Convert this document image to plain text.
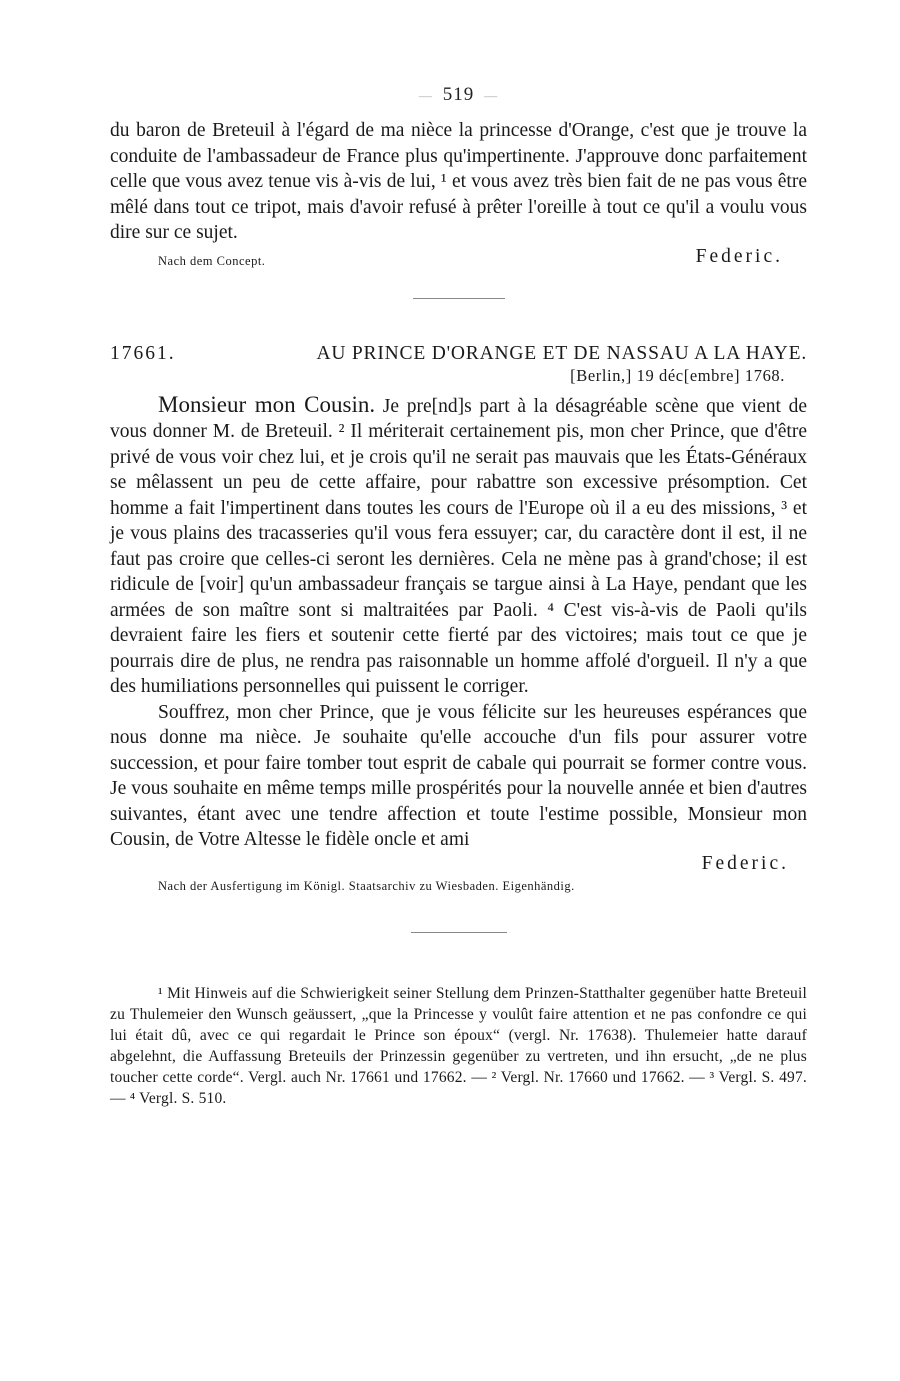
— 519 —

du baron de Breteuil à l'égard de ma nièce la princesse d'Orange, c'est que je trouve la conduite de l'ambassadeur de France plus qu'impertinente. J'approuve donc parfaitement celle que vous avez tenue vis à-vis de lui, ¹ et vous avez très bien fait de ne pas vous être mêlé dans tout ce tripot, mais d'avoir refusé à prêter l'oreille à tout ce qu'il a voulu vous dire sur ce sujet.

Nach dem Concept.	Federic.
17661.	AU PRINCE D'ORANGE ET DE NASSAU A LA HAYE.
[Berlin,] 19 déc[embre] 1768.

Monsieur mon Cousin. Je pre[nd]s part à la désagréable scène que vient de vous donner M. de Breteuil. ² Il mériterait certainement pis, mon cher Prince, que d'être privé de vous voir chez lui, et je crois qu'il ne serait pas mauvais que les États-Généraux se mêlassent un peu de cette affaire, pour rabattre son excessive présomption. Cet homme a fait l'impertinent dans toutes les cours de l'Europe où il a eu des missions, ³ et je vous plains des tracasseries qu'il vous fera essuyer; car, du caractère dont il est, il ne faut pas croire que celles-ci seront les dernières. Cela ne mène pas à grand'chose; il est ridicule de [voir] qu'un ambassadeur français se targue ainsi à La Haye, pendant que les armées de son maître sont si maltraitées par Paoli. ⁴ C'est vis-à-vis de Paoli qu'ils devraient faire les fiers et soutenir cette fierté par des victoires; mais tout ce que je pourrais dire de plus, ne rendra pas raisonnable un homme affolé d'orgueil. Il n'y a que des humiliations personnelles qui puissent le corriger.

Souffrez, mon cher Prince, que je vous félicite sur les heureuses espérances que nous donne ma nièce. Je souhaite qu'elle accouche d'un fils pour assurer votre succession, et pour faire tomber tout esprit de cabale qui pourrait se former contre vous. Je vous souhaite en même temps mille prospérités pour la nouvelle année et bien d'autres suivantes, étant avec une tendre affection et toute l'estime possible, Monsieur mon Cousin, de Votre Altesse le fidèle oncle et ami

Federic.
Nach der Ausfertigung im Königl. Staatsarchiv zu Wiesbaden. Eigenhändig.

¹ Mit Hinweis auf die Schwierigkeit seiner Stellung dem Prinzen-Statthalter gegenüber hatte Breteuil zu Thulemeier den Wunsch geäussert, „que la Princesse y voulût faire attention et ne pas confondre ce qui lui était dû, avec ce qui regardait le Prince son époux“ (vergl. Nr. 17638). Thulemeier hatte darauf abgelehnt, die Auffassung Breteuils der Prinzessin gegenüber zu vertreten, und ihn ersucht, „de ne plus toucher cette corde“. Vergl. auch Nr. 17661 und 17662. — ² Vergl. Nr. 17660 und 17662. — ³ Vergl. S. 497. — ⁴ Vergl. S. 510.
